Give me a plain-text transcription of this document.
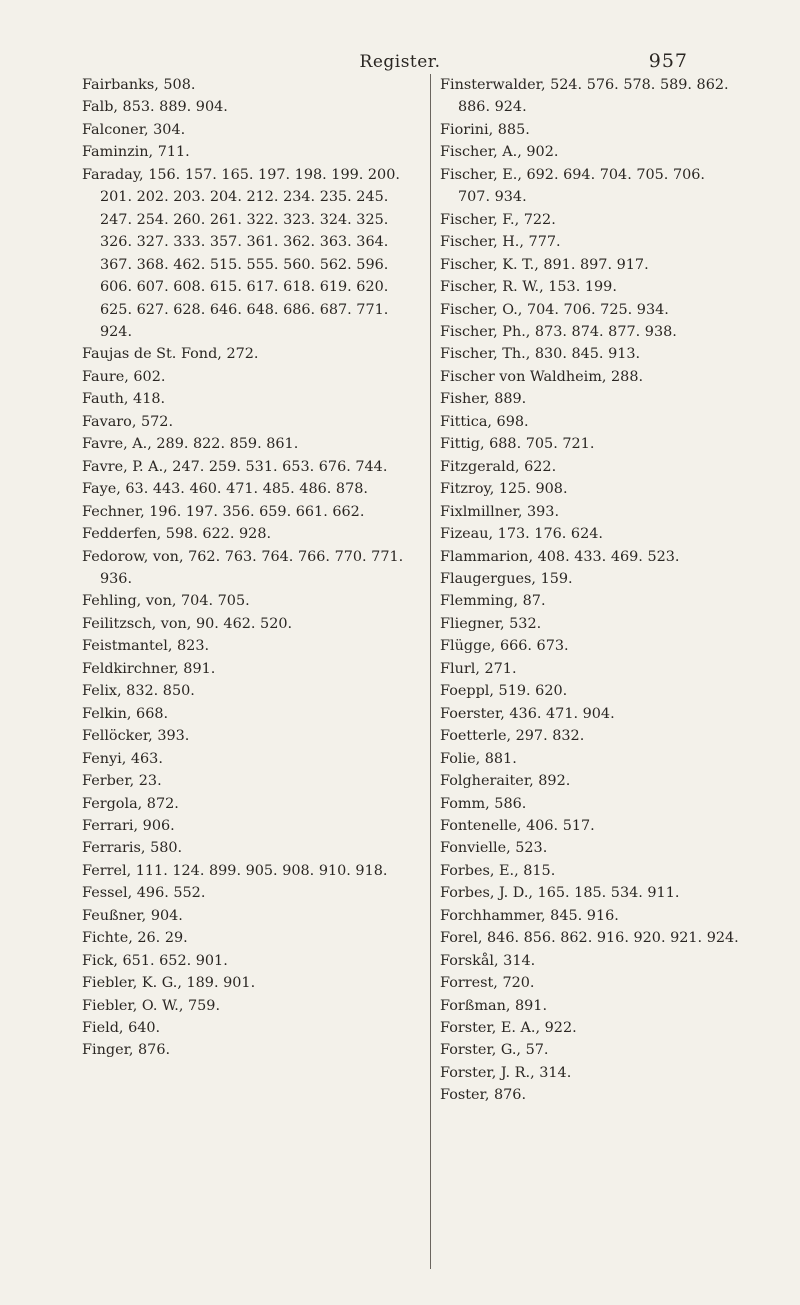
Register.	957
Fairbanks, 508.
Falb, 853. 889. 904.
Falconer, 304.
Faminzin, 711.
Faraday, 156. 157. 165. 197. 198. 199. 200. 201. 202. 203. 204. 212. 234. 235. 245. 247. 254. 260. 261. 322. 323. 324. 325. 326. 327. 333. 357. 361. 362. 363. 364. 367. 368. 462. 515. 555. 560. 562. 596. 606. 607. 608. 615. 617. 618. 619. 620. 625. 627. 628. 646. 648. 686. 687. 771. 924.
Faujas de St. Fond, 272.
Faure, 602.
Fauth, 418.
Favaro, 572.
Favre, A., 289. 822. 859. 861.
Favre, P. A., 247. 259. 531. 653. 676. 744.
Faye, 63. 443. 460. 471. 485. 486. 878.
Fechner, 196. 197. 356. 659. 661. 662.
Fedderfen, 598. 622. 928.
Fedorow, von, 762. 763. 764. 766. 770. 771. 936.
Fehling, von, 704. 705.
Feilitzsch, von, 90. 462. 520.
Feistmantel, 823.
Feldkirchner, 891.
Felix, 832. 850.
Felkin, 668.
Fellöcker, 393.
Fenyi, 463.
Ferber, 23.
Fergola, 872.
Ferrari, 906.
Ferraris, 580.
Ferrel, 111. 124. 899. 905. 908. 910. 918.
Fessel, 496. 552.
Feußner, 904.
Fichte, 26. 29.
Fick, 651. 652. 901.
Fiebler, K. G., 189. 901.
Fiebler, O. W., 759.
Field, 640.
Finger, 876.
Finsterwalder, 524. 576. 578. 589. 862. 886. 924.
Fiorini, 885.
Fischer, A., 902.
Fischer, E., 692. 694. 704. 705. 706. 707. 934.
Fischer, F., 722.
Fischer, H., 777.
Fischer, K. T., 891. 897. 917.
Fischer, R. W., 153. 199.
Fischer, O., 704. 706. 725. 934.
Fischer, Ph., 873. 874. 877. 938.
Fischer, Th., 830. 845. 913.
Fischer von Waldheim, 288.
Fisher, 889.
Fittica, 698.
Fittig, 688. 705. 721.
Fitzgerald, 622.
Fitzroy, 125. 908.
Fixlmillner, 393.
Fizeau, 173. 176. 624.
Flammarion, 408. 433. 469. 523.
Flaugergues, 159.
Flemming, 87.
Fliegner, 532.
Flügge, 666. 673.
Flurl, 271.
Foeppl, 519. 620.
Foerster, 436. 471. 904.
Foetterle, 297. 832.
Folie, 881.
Folgheraiter, 892.
Fomm, 586.
Fontenelle, 406. 517.
Fonvielle, 523.
Forbes, E., 815.
Forbes, J. D., 165. 185. 534. 911.
Forchhammer, 845. 916.
Forel, 846. 856. 862. 916. 920. 921. 924.
Forskål, 314.
Forrest, 720.
Forßman, 891.
Forster, E. A., 922.
Forster, G., 57.
Forster, J. R., 314.
Foster, 876.
